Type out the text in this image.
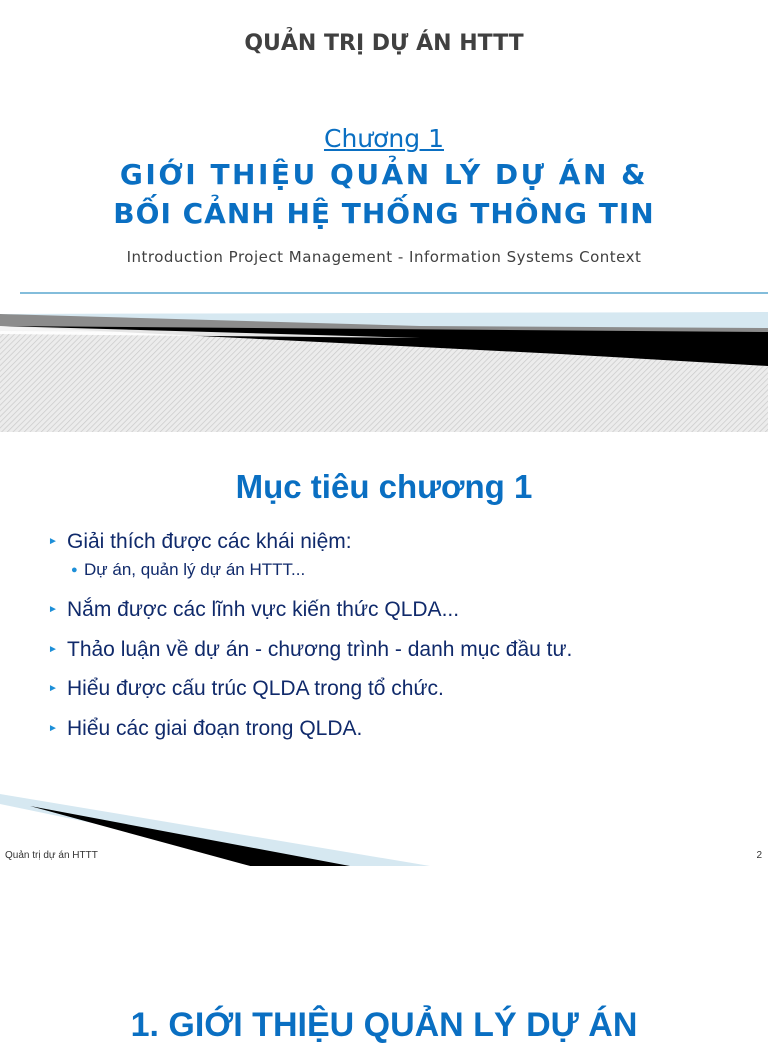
QUẢN TRỊ DỰ ÁN HTTT
Chương 1
GIỚI THIỆU QUẢN LÝ DỰ ÁN &
BỐI CẢNH HỆ THỐNG THÔNG TIN
Introduction Project Management - Information Systems Context
Mục tiêu chương 1
► Giải thích được các khái niệm:
● Dự án, quản lý dự án HTTT...
► Nắm được các lĩnh vực kiến thức QLDA...
► Thảo luận về dự án - chương trình - danh mục đầu tư.
► Hiểu được cấu trúc QLDA trong tổ chức.
► Hiểu các giai đoạn trong QLDA.
Quản trị dự án HTTT	2
1. GIỚI THIỆU QUẢN LÝ DỰ ÁN
